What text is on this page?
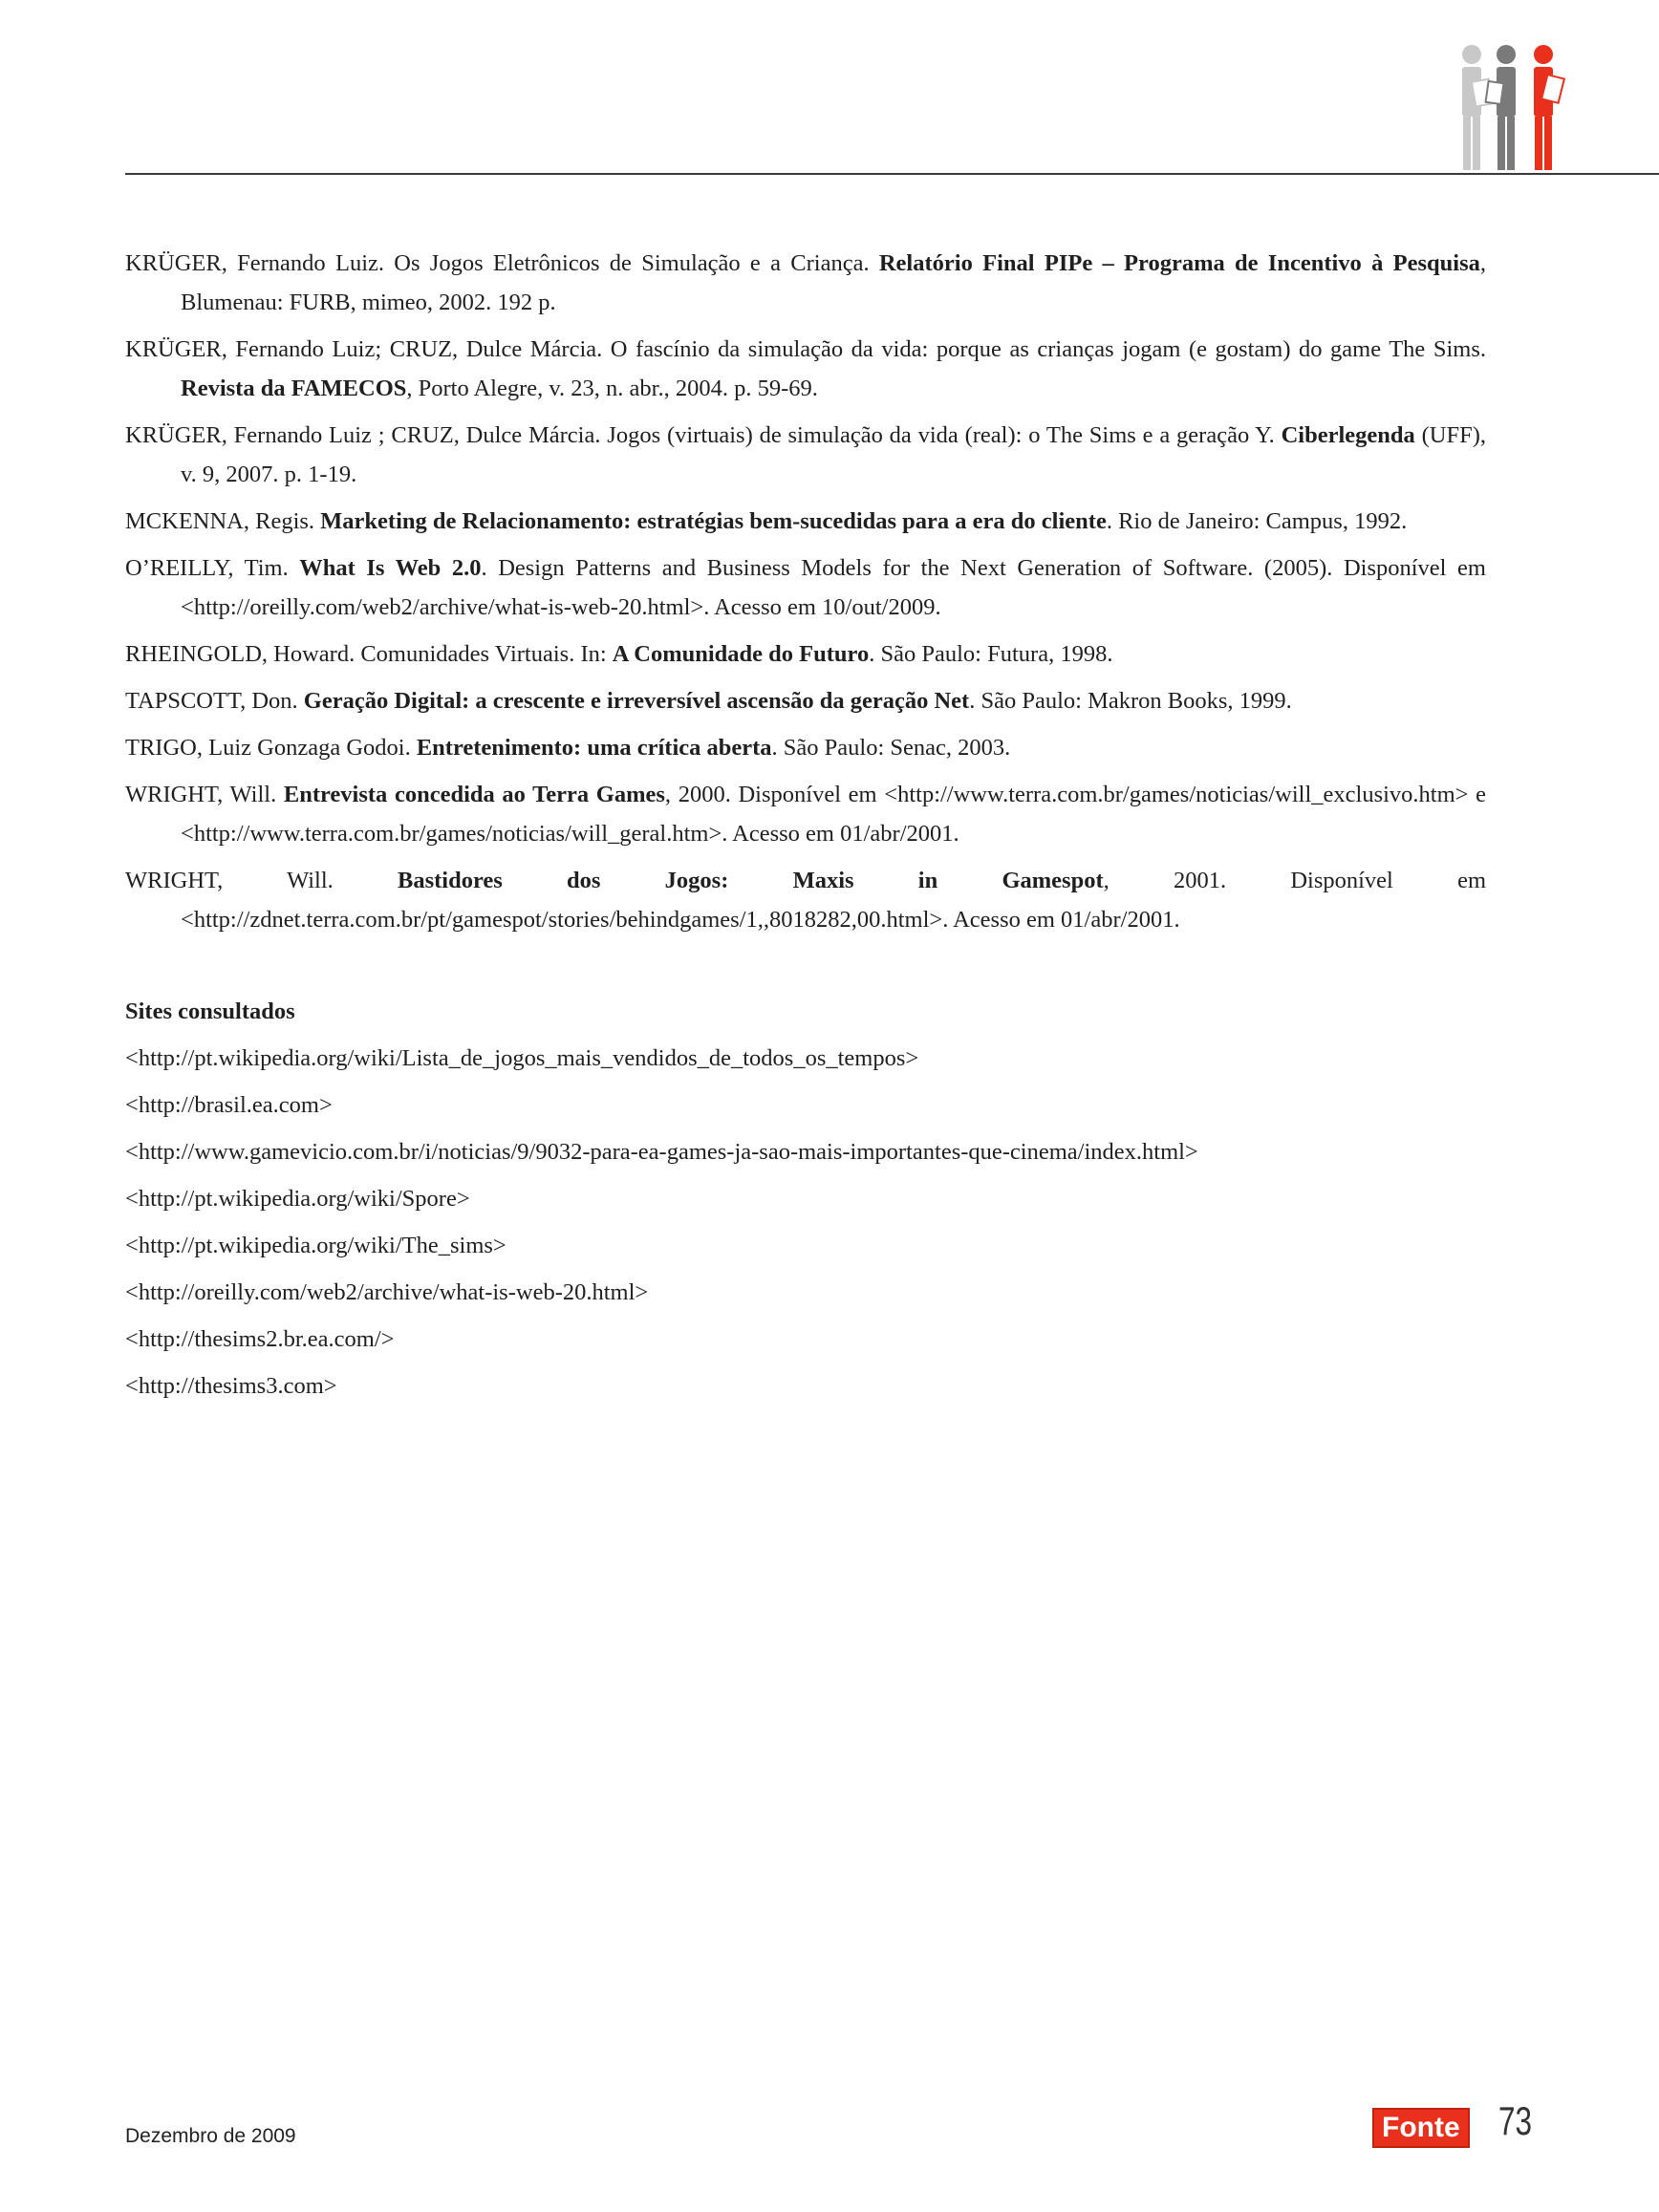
KRÜGER, Fernando Luiz. Os Jogos Eletrônicos de Simulação e a Criança. Relatório Final PIPe – Programa de Incentivo à Pesquisa, Blumenau: FURB, mimeo, 2002. 192 p.

KRÜGER, Fernando Luiz; CRUZ, Dulce Márcia. O fascínio da simulação da vida: porque as crianças jogam (e gostam) do game The Sims. Revista da FAMECOS, Porto Alegre, v. 23, n. abr., 2004. p. 59-69.

KRÜGER, Fernando Luiz ; CRUZ, Dulce Márcia. Jogos (virtuais) de simulação da vida (real): o The Sims e a geração Y. Ciberlegenda (UFF), v. 9, 2007. p. 1-19.

MCKENNA, Regis. Marketing de Relacionamento: estratégias bem-sucedidas para a era do cliente. Rio de Janeiro: Campus, 1992.

O’REILLY, Tim. What Is Web 2.0. Design Patterns and Business Models for the Next Generation of Software. (2005). Disponível em <http://oreilly.com/web2/archive/what-is-web-20.html>. Acesso em 10/out/2009.

RHEINGOLD, Howard. Comunidades Virtuais. In: A Comunidade do Futuro. São Paulo: Futura, 1998.

TAPSCOTT, Don. Geração Digital: a crescente e irreversível ascensão da geração Net. São Paulo: Makron Books, 1999.

TRIGO, Luiz Gonzaga Godoi. Entretenimento: uma crítica aberta. São Paulo: Senac, 2003.

WRIGHT, Will. Entrevista concedida ao Terra Games, 2000. Disponível em <http://www.terra.com.br/games/noticias/will_exclusivo.htm> e <http://www.terra.com.br/games/noticias/will_geral.htm>. Acesso em 01/abr/2001.

WRIGHT, Will. Bastidores dos Jogos: Maxis in Gamespot, 2001. Disponível em <http://zdnet.terra.com.br/pt/gamespot/stories/behindgames/1,,8018282,00.html>. Acesso em 01/abr/2001.

Sites consultados
<http://pt.wikipedia.org/wiki/Lista_de_jogos_mais_vendidos_de_todos_os_tempos>
<http://brasil.ea.com>
<http://www.gamevicio.com.br/i/noticias/9/9032-para-ea-games-ja-sao-mais-importantes-que-cinema/index.html>
<http://pt.wikipedia.org/wiki/Spore>
<http://pt.wikipedia.org/wiki/The_sims>
<http://oreilly.com/web2/archive/what-is-web-20.html>
<http://thesims2.br.ea.com/>
<http://thesims3.com>
Dezembro de 2009	Fonte 73
